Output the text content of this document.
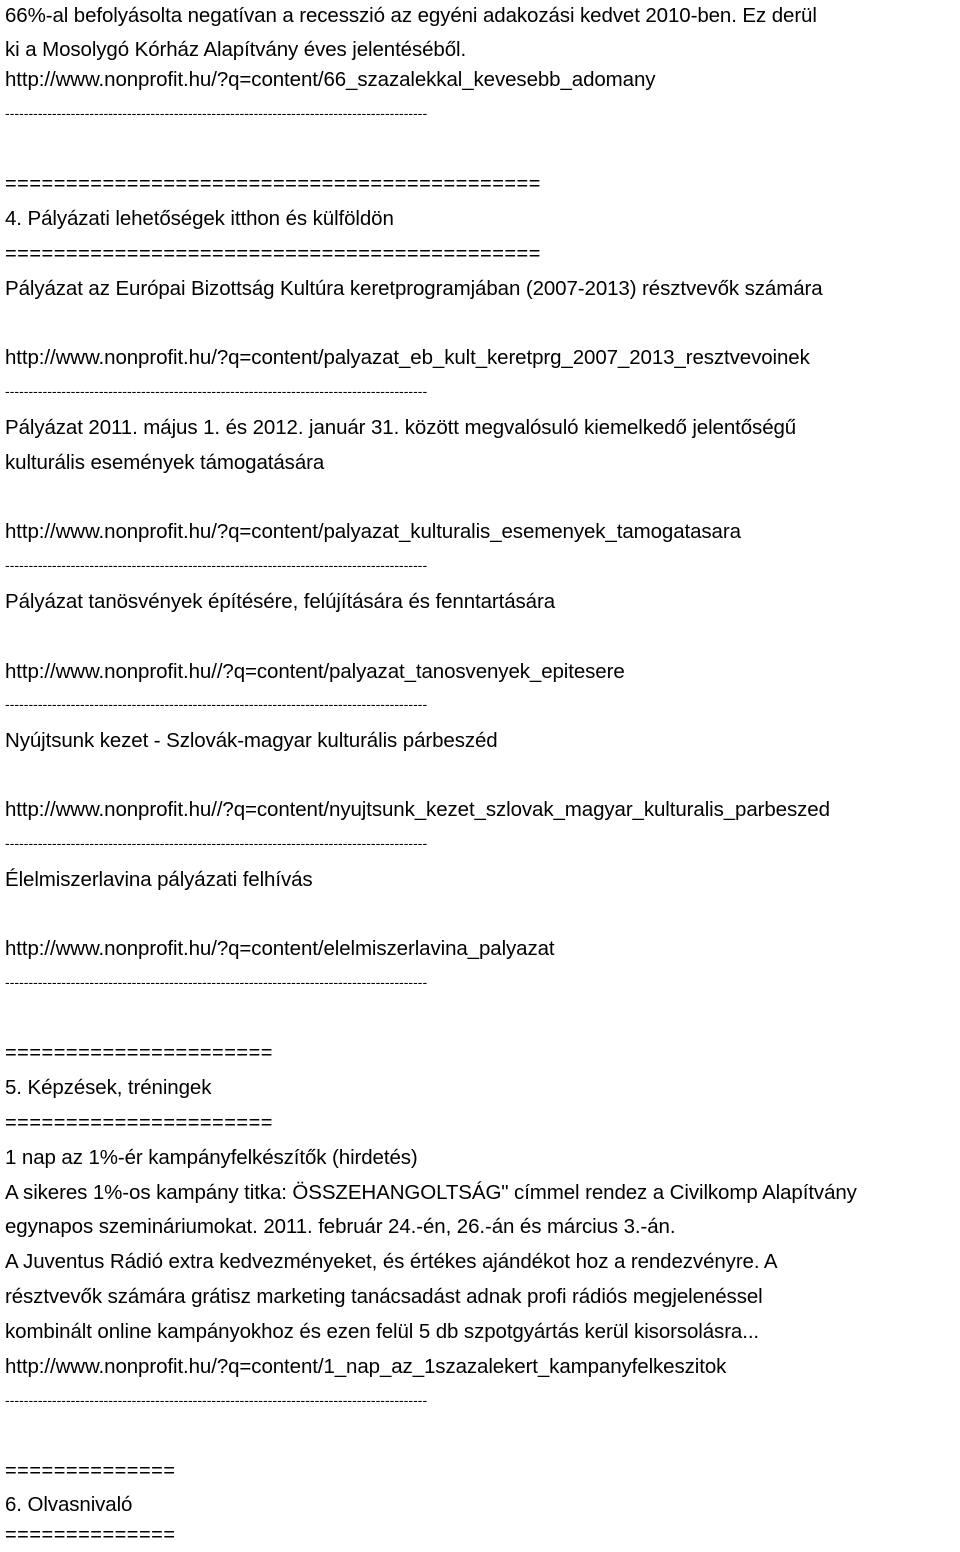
66%-al befolyásolta negatívan a recesszió az egyéni adakozási kedvet 2010-ben. Ez derül

ki a Mosolygó Kórház Alapítvány éves jelentéséből.

http://www.nonprofit.hu/?q=content/66_szazalekkal_kevesebb_adomany

------------------------------------------------------------------------------------------

============================================

4. Pályázati lehetőségek itthon és külföldön

============================================

Pályázat az Európai Bizottság Kultúra keretprogramjában (2007-2013) résztvevők számára

http://www.nonprofit.hu/?q=content/palyazat_eb_kult_keretprg_2007_2013_resztvevoinek

------------------------------------------------------------------------------------------

Pályázat 2011. május 1. és 2012. január 31. között megvalósuló kiemelkedő jelentőségű

kulturális események támogatására

http://www.nonprofit.hu/?q=content/palyazat_kulturalis_esemenyek_tamogatasara

------------------------------------------------------------------------------------------

Pályázat tanösvények építésére, felújítására és fenntartására

http://www.nonprofit.hu//?q=content/palyazat_tanosvenyek_epitesere

------------------------------------------------------------------------------------------

Nyújtsunk kezet - Szlovák-magyar kulturális párbeszéd

http://www.nonprofit.hu//?q=content/nyujtsunk_kezet_szlovak_magyar_kulturalis_parbeszed

------------------------------------------------------------------------------------------

Élelmiszerlavina pályázati felhívás

http://www.nonprofit.hu/?q=content/elelmiszerlavina_palyazat

------------------------------------------------------------------------------------------

======================

5. Képzések, tréningek

======================

1 nap az 1%-ér kampányfelkészítők (hirdetés)

A sikeres 1%-os kampány titka: ÖSSZEHANGOLTSÁG" címmel rendez a Civilkomp Alapítvány

egynapos szemináriumokat. 2011. február 24.-én, 26.-án és március 3.-án.

A Juventus Rádió extra kedvezményeket, és értékes ajándékot hoz a rendezvényre. A

résztvevők számára grátisz marketing tanácsadást adnak profi rádiós megjelenéssel

kombinált online kampányokhoz és ezen felül 5 db szpotgyártás kerül kisorsolásra...

http://www.nonprofit.hu/?q=content/1_nap_az_1szazalekert_kampanyfelkeszitok

------------------------------------------------------------------------------------------

==============

6. Olvasnivaló

==============
